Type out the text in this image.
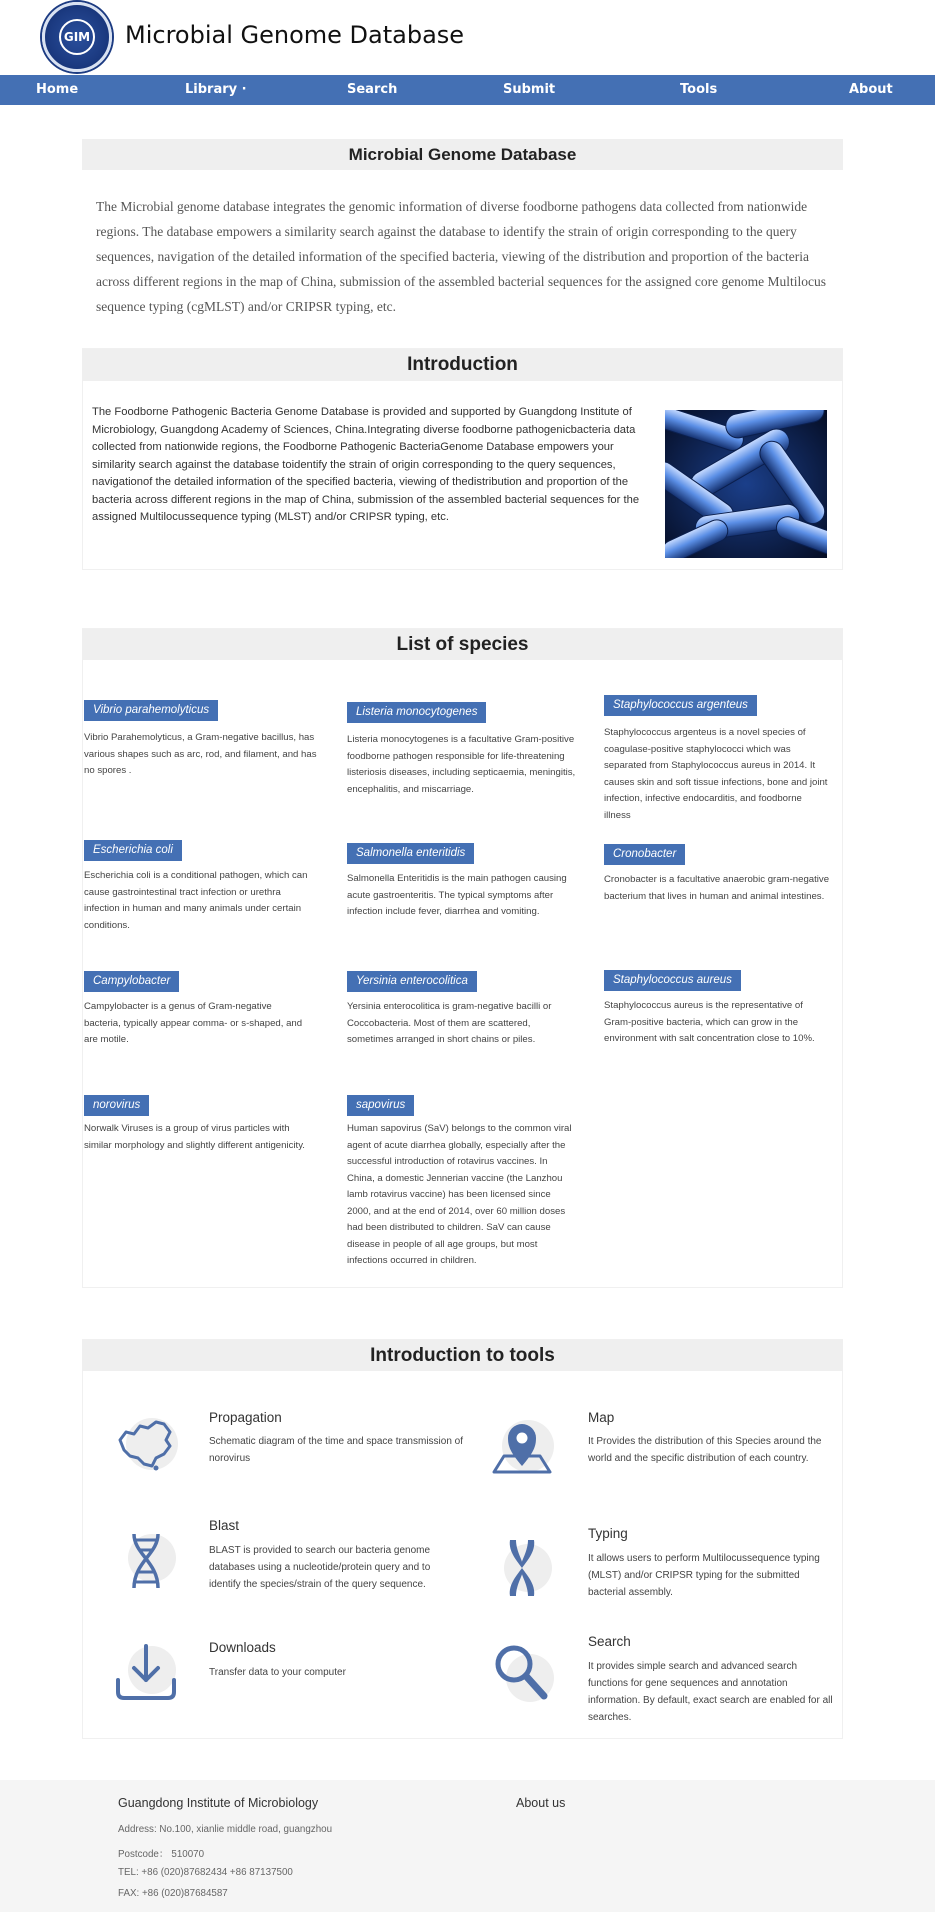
GIM Microbial Genome Database
Home	Library ·	Search	Submit	Tools	About
Microbial Genome Database
The Microbial genome database integrates the genomic information of diverse foodborne pathogens data collected from nationwide regions. The database empowers a similarity search against the database to identify the strain of origin corresponding to the query sequences, navigation of the detailed information of the specified bacteria, viewing of the distribution and proportion of the bacteria across different regions in the map of China, submission of the assembled bacterial sequences for the assigned core genome Multilocus sequence typing (cgMLST) and/or CRIPSR typing, etc.
Introduction
The Foodborne Pathogenic Bacteria Genome Database is provided and supported by Guangdong Institute of Microbiology, Guangdong Academy of Sciences, China.Integrating diverse foodborne pathogenicbacteria data collected from nationwide regions, the Foodborne Pathogenic BacteriaGenome Database empowers your similarity search against the database toidentify the strain of origin corresponding to the query sequences, navigationof the detailed information of the specified bacteria, viewing of thedistribution and proportion of the bacteria across different regions in the map of China, submission of the assembled bacterial sequences for the assigned Multilocussequence typing (MLST) and/or CRIPSR typing, etc.
List of species
Vibrio parahemolyticus
Vibrio Parahemolyticus, a Gram-negative bacillus, has various shapes such as arc, rod, and filament, and has no spores .
Listeria monocytogenes
Listeria monocytogenes is a facultative Gram-positive foodborne pathogen responsible for life-threatening listeriosis diseases, including septicaemia, meningitis, encephalitis, and miscarriage.
Staphylococcus argenteus
Staphylococcus argenteus is a novel species of coagulase-positive staphylococci which was separated from Staphylococcus aureus in 2014. It causes skin and soft tissue infections, bone and joint infection, infective endocarditis, and foodborne illness
Escherichia coli
Escherichia coli is a conditional pathogen, which can cause gastrointestinal tract infection or urethra infection in human and many animals under certain conditions.
Salmonella enteritidis
Salmonella Enteritidis is the main pathogen causing acute gastroenteritis. The typical symptoms after infection include fever, diarrhea and vomiting.
Cronobacter
Cronobacter is a facultative anaerobic gram-negative bacterium that lives in human and animal intestines.
Campylobacter
Campylobacter is a genus of Gram-negative bacteria, typically appear comma- or s-shaped, and are motile.
Yersinia enterocolitica
Yersinia enterocolitica is gram-negative bacilli or Coccobacteria. Most of them are scattered, sometimes arranged in short chains or piles.
Staphylococcus aureus
Staphylococcus aureus is the representative of Gram-positive bacteria, which can grow in the environment with salt concentration close to 10%.
norovirus
Norwalk Viruses is a group of virus particles with similar morphology and slightly different antigenicity.
sapovirus
Human sapovirus (SaV) belongs to the common viral agent of acute diarrhea globally, especially after the successful introduction of rotavirus vaccines. In China, a domestic Jennerian vaccine (the Lanzhou lamb rotavirus vaccine) has been licensed since 2000, and at the end of 2014, over 60 million doses had been distributed to children. SaV can cause disease in people of all age groups, but most infections occurred in children.
Introduction to tools
Propagation
Schematic diagram of the time and space transmission of norovirus
Map
It Provides the distribution of this Species around the world and the specific distribution of each country.
Blast
BLAST is provided to search our bacteria genome databases using a nucleotide/protein query and to identify the species/strain of the query sequence.
Typing
It allows users to perform Multilocussequence typing (MLST) and/or CRIPSR typing for the submitted bacterial assembly.
Downloads
Transfer data to your computer
Search
It provides simple search and advanced search functions for gene sequences and annotation information. By default, exact search are enabled for all searches.
Guangdong Institute of Microbiology	About us
Address: No.100, xianlie middle road, guangzhou
Postcode： 510070
TEL: +86 (020)87682434 +86 87137500
FAX: +86 (020)87684587
